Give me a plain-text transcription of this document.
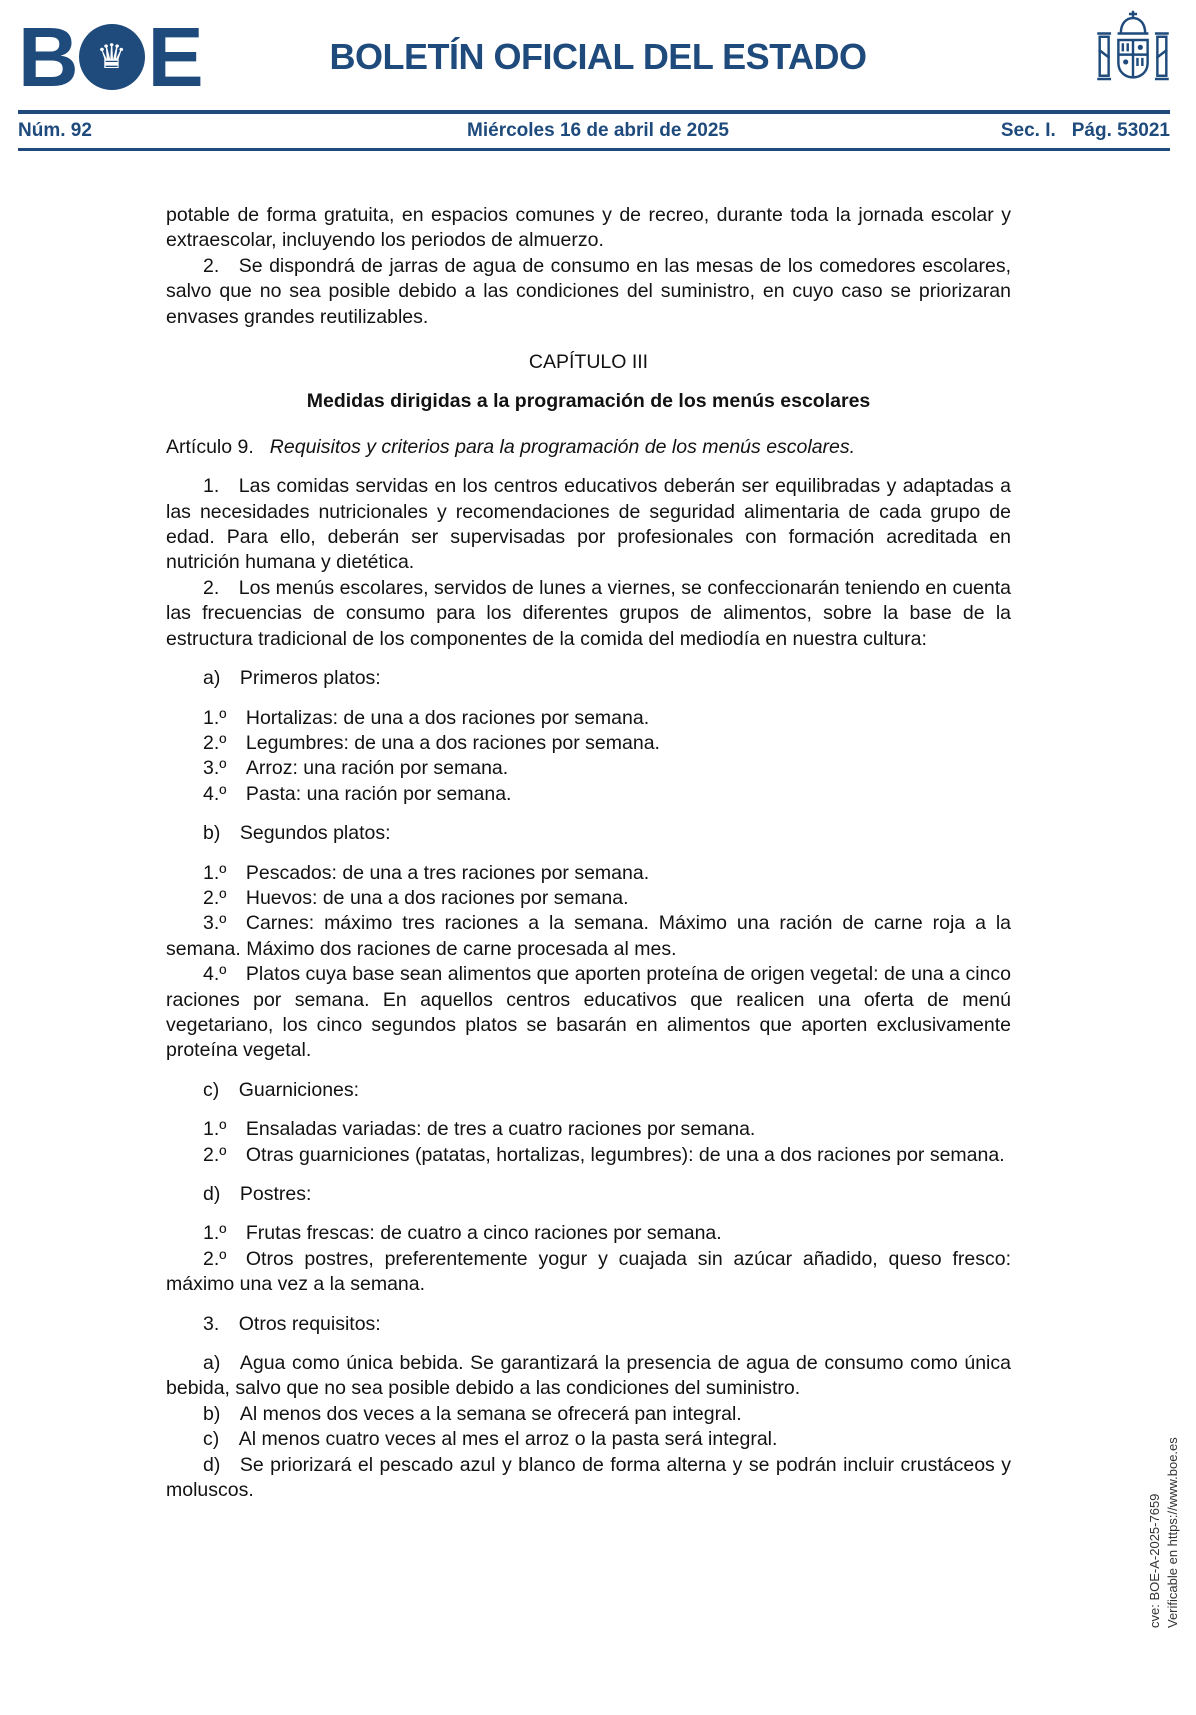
B ♛ E	BOLETÍN OFICIAL DEL ESTADO
Núm. 92	Miércoles 16 de abril de 2025	Sec. I. Pág. 53021

potable de forma gratuita, en espacios comunes y de recreo, durante toda la jornada escolar y extraescolar, incluyendo los periodos de almuerzo.

2. Se dispondrá de jarras de agua de consumo en las mesas de los comedores escolares, salvo que no sea posible debido a las condiciones del suministro, en cuyo caso se priorizaran envases grandes reutilizables.

CAPÍTULO III

Medidas dirigidas a la programación de los menús escolares

Artículo 9. Requisitos y criterios para la programación de los menús escolares.

1. Las comidas servidas en los centros educativos deberán ser equilibradas y adaptadas a las necesidades nutricionales y recomendaciones de seguridad alimentaria de cada grupo de edad. Para ello, deberán ser supervisadas por profesionales con formación acreditada en nutrición humana y dietética.

2. Los menús escolares, servidos de lunes a viernes, se confeccionarán teniendo en cuenta las frecuencias de consumo para los diferentes grupos de alimentos, sobre la base de la estructura tradicional de los componentes de la comida del mediodía en nuestra cultura:

a) Primeros platos:

1.º Hortalizas: de una a dos raciones por semana.

2.º Legumbres: de una a dos raciones por semana.

3.º Arroz: una ración por semana.

4.º Pasta: una ración por semana.

b) Segundos platos:

1.º Pescados: de una a tres raciones por semana.

2.º Huevos: de una a dos raciones por semana.

3.º Carnes: máximo tres raciones a la semana. Máximo una ración de carne roja a la semana. Máximo dos raciones de carne procesada al mes.

4.º Platos cuya base sean alimentos que aporten proteína de origen vegetal: de una a cinco raciones por semana. En aquellos centros educativos que realicen una oferta de menú vegetariano, los cinco segundos platos se basarán en alimentos que aporten exclusivamente proteína vegetal.

c) Guarniciones:

1.º Ensaladas variadas: de tres a cuatro raciones por semana.

2.º Otras guarniciones (patatas, hortalizas, legumbres): de una a dos raciones por semana.

d) Postres:

1.º Frutas frescas: de cuatro a cinco raciones por semana.

2.º Otros postres, preferentemente yogur y cuajada sin azúcar añadido, queso fresco: máximo una vez a la semana.

3. Otros requisitos:

a) Agua como única bebida. Se garantizará la presencia de agua de consumo como única bebida, salvo que no sea posible debido a las condiciones del suministro.

b) Al menos dos veces a la semana se ofrecerá pan integral.

c) Al menos cuatro veces al mes el arroz o la pasta será integral.

d) Se priorizará el pescado azul y blanco de forma alterna y se podrán incluir crustáceos y moluscos.

cve: BOE-A-2025-7659 Verificable en https://www.boe.es
